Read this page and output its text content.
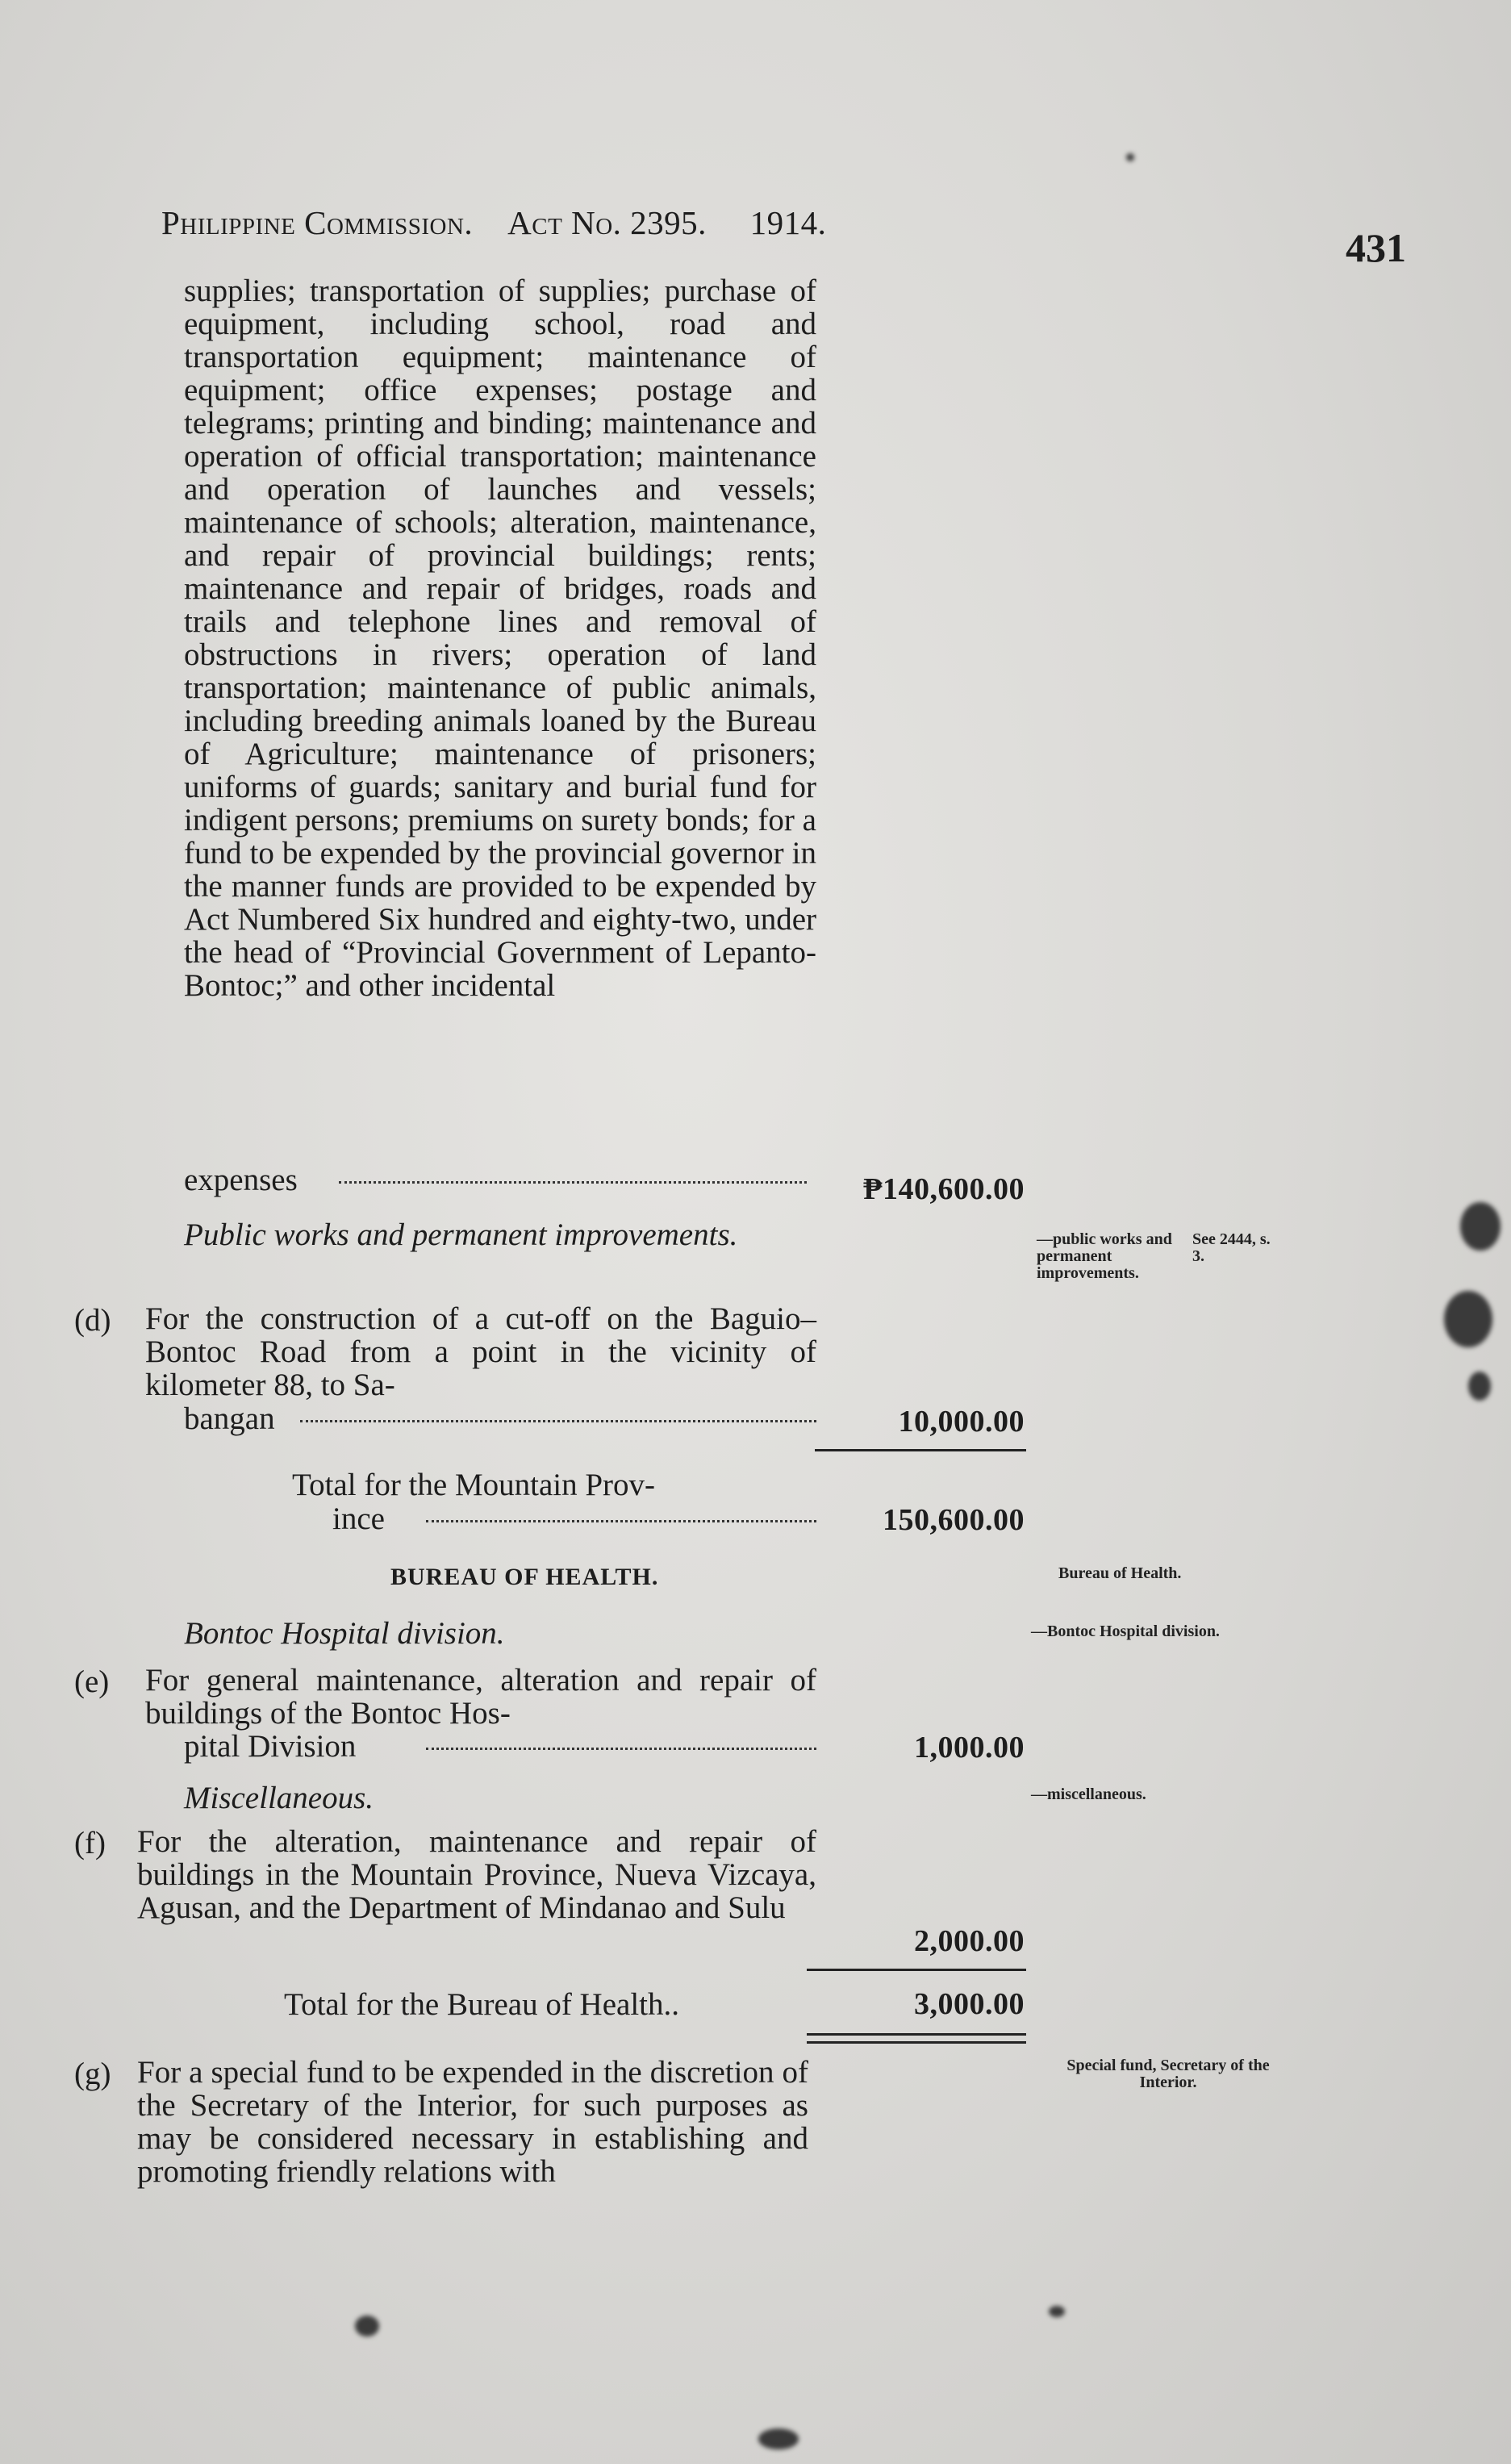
Philippine Commission. Act No. 2395. 1914.
431
supplies; transportation of supplies; purchase of equipment, including school, road and transportation equipment; maintenance of equipment; office expenses; postage and telegrams; printing and binding; maintenance and operation of official transportation; maintenance and operation of launches and vessels; maintenance of schools; alteration, maintenance, and repair of provincial buildings; rents; maintenance and repair of bridges, roads and trails and telephone lines and removal of obstructions in rivers; operation of land transportation; maintenance of public animals, including breeding animals loaned by the Bureau of Agriculture; maintenance of prisoners; uniforms of guards; sanitary and burial fund for indigent persons; premiums on surety bonds; for a fund to be expended by the provincial governor in the manner funds are provided to be expended by Act Numbered Six hundred and eighty-two, under the head of “Provincial Government of Lepanto-Bontoc;” and other incidental
expenses	₱140,600.00
Public works and permanent improvements.	—public works and permanent improvements.
See 2444, s. 3.
(d) For the construction of a cut-off on the Baguio–Bontoc Road from a point in the vicinity of kilometer 88, to Sa-
bangan	10,000.00
Total for the Mountain Prov-
ince	150,600.00
BUREAU OF HEALTH.	Bureau of Health.
Bontoc Hospital division.	—Bontoc Hospital division.
(e) For general maintenance, alteration and repair of buildings of the Bontoc Hos-
pital Division	1,000.00
Miscellaneous.	—miscellaneous.
(f) For the alteration, maintenance and repair of buildings in the Mountain Province, Nueva Vizcaya, Agusan, and the Department of Mindanao and Sulu
2,000.00
Total for the Bureau of Health..	3,000.00
(g) For a special fund to be expended in the discretion of the Secretary of the Interior, for such purposes as may be considered necessary in establishing and promoting friendly relations with
Special fund, Secretary of the Interior.
